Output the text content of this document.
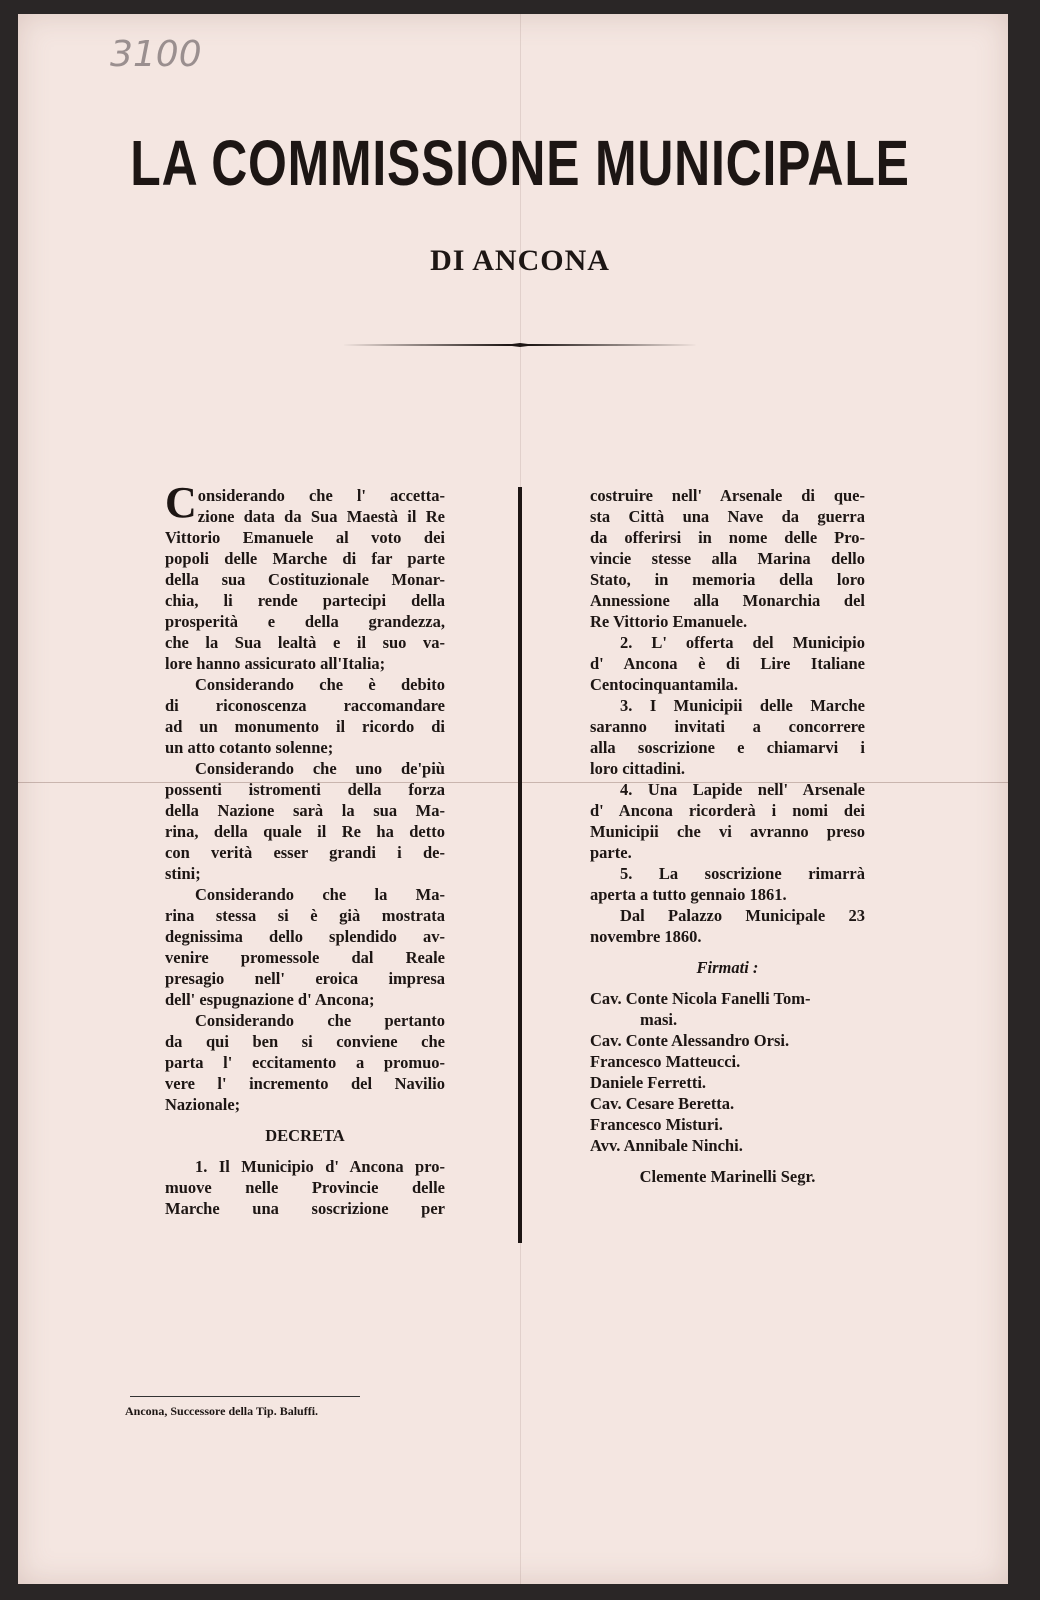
3100
LA COMMISSIONE MUNICIPALE
DI ANCONA
Considerando che l' accetta-
zione data da Sua Maestà il Re
Vittorio Emanuele al voto dei
popoli delle Marche di far parte
della sua Costituzionale Monar-
chia, li rende partecipi della
prosperità e della grandezza,
che la Sua lealtà e il suo va-
lore hanno assicurato all'Italia;
Considerando che è debito
di riconoscenza raccomandare
ad un monumento il ricordo di
un atto cotanto solenne;
Considerando che uno de'più
possenti istromenti della forza
della Nazione sarà la sua Ma-
rina, della quale il Re ha detto
con verità esser grandi i de-
stini;
Considerando che la Ma-
rina stessa si è già mostrata
degnissima dello splendido av-
venire promessole dal Reale
presagio nell' eroica impresa
dell' espugnazione d' Ancona;
Considerando che pertanto
da qui ben si conviene che
parta l' eccitamento a promuo-
vere l' incremento del Navilio
Nazionale;
DECRETA
1. Il Municipio d' Ancona pro-
muove nelle Provincie delle
Marche una soscrizione per
costruire nell' Arsenale di que-
sta Città una Nave da guerra
da offerirsi in nome delle Pro-
vincie stesse alla Marina dello
Stato, in memoria della loro
Annessione alla Monarchia del
Re Vittorio Emanuele.
2. L' offerta del Municipio
d' Ancona è di Lire Italiane
Centocinquantamila.
3. I Municipii delle Marche
saranno invitati a concorrere
alla soscrizione e chiamarvi i
loro cittadini.
4. Una Lapide nell' Arsenale
d' Ancona ricorderà i nomi dei
Municipii che vi avranno preso
parte.
5. La soscrizione rimarrà
aperta a tutto gennaio 1861.
Dal Palazzo Municipale 23
novembre 1860.
Firmati :
Cav. Conte Nicola Fanelli Tom-
masi.
Cav. Conte Alessandro Orsi.
Francesco Matteucci.
Daniele Ferretti.
Cav. Cesare Beretta.
Francesco Misturi.
Avv. Annibale Ninchi.
Clemente Marinelli Segr.
Ancona, Successore della Tip. Baluffi.
